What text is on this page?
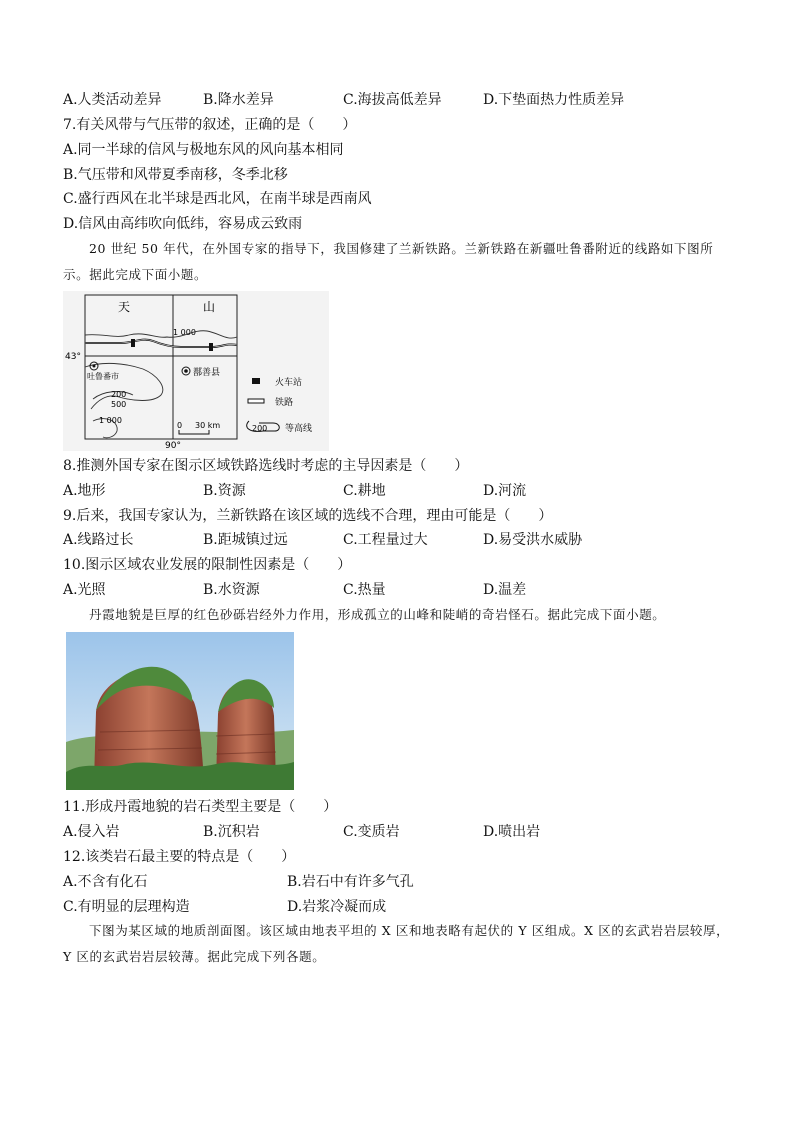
A.人类活动差异	B.降水差异	C.海拔高低差异	D.下垫面热力性质差异
7.有关风带与气压带的叙述，正确的是（　　）
A.同一半球的信风与极地东风的风向基本相同
B.气压带和风带夏季南移，冬季北移
C.盛行西风在北半球是西北风，在南半球是西南风
D.信风由高纬吹向低纬，容易成云致雨
20 世纪 50 年代，在外国专家的指导下，我国修建了兰新铁路。兰新铁路在新疆吐鲁番附近的线路如下图所示。据此完成下面小题。
天	山
1 000
43°
90°
吐鲁番市	鄯善县
200
500
1 000
0 30 km
火车站
铁路
200 等高线
8.推测外国专家在图示区域铁路选线时考虑的主导因素是（　　）
A.地形	B.资源	C.耕地	D.河流
9.后来，我国专家认为，兰新铁路在该区域的选线不合理，理由可能是（　　）
A.线路过长	B.距城镇过远	C.工程量过大	D.易受洪水威胁
10.图示区域农业发展的限制性因素是（　　）
A.光照	B.水资源	C.热量	D.温差
丹霞地貌是巨厚的红色砂砾岩经外力作用，形成孤立的山峰和陡峭的奇岩怪石。据此完成下面小题。
11.形成丹霞地貌的岩石类型主要是（　　）
A.侵入岩	B.沉积岩	C.变质岩	D.喷出岩
12.该类岩石最主要的特点是（　　）
A.不含有化石	B.岩石中有许多气孔
C.有明显的层理构造	D.岩浆冷凝而成
下图为某区域的地质剖面图。该区域由地表平坦的 X 区和地表略有起伏的 Y 区组成。X 区的玄武岩岩层较厚，Y 区的玄武岩岩层较薄。据此完成下列各题。
